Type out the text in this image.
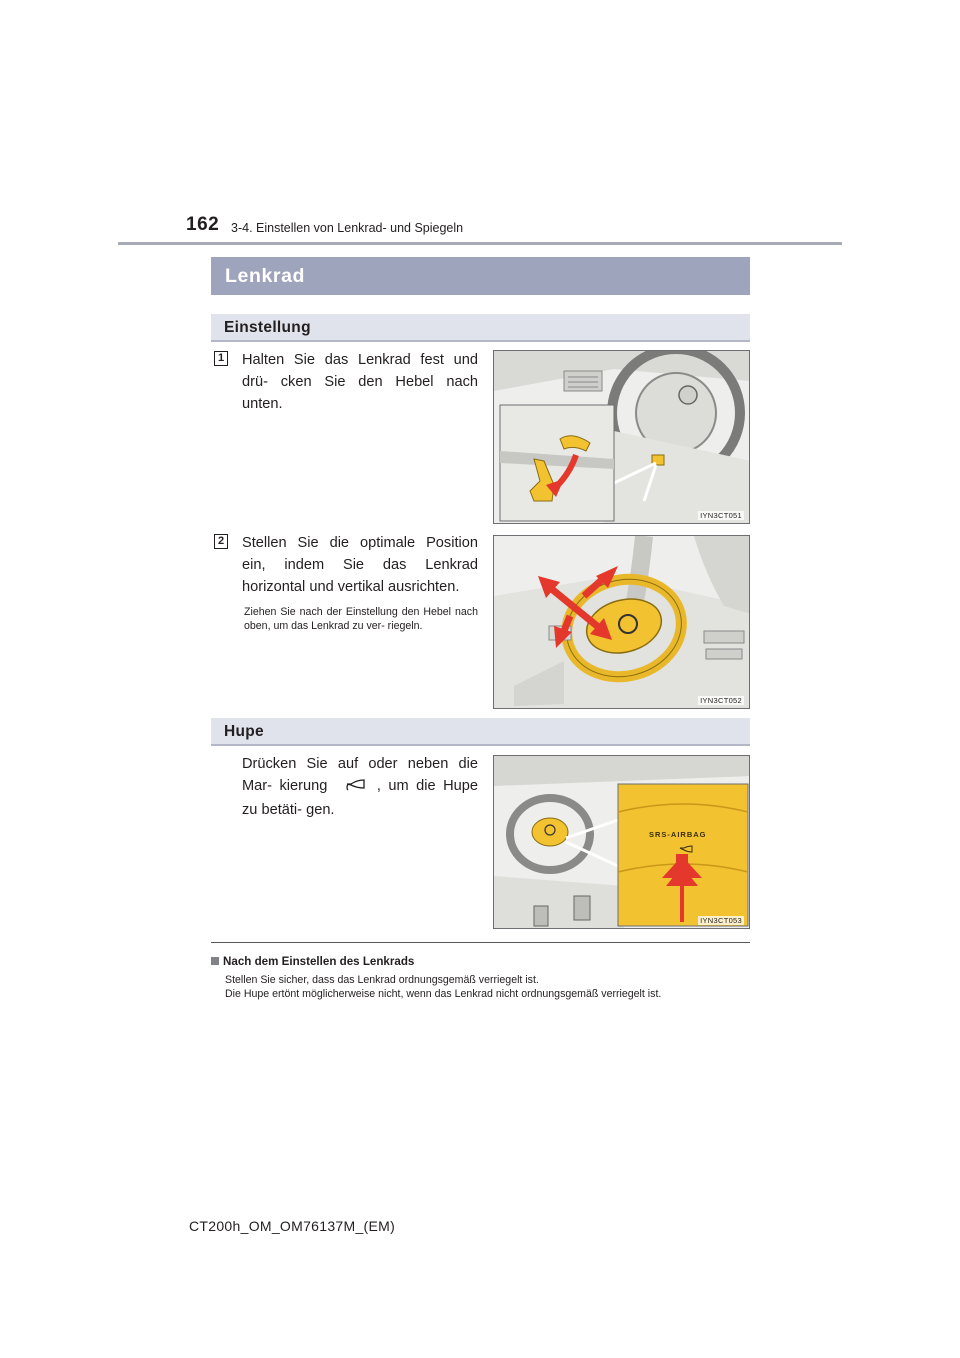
162 3-4. Einstellen von Lenkrad- und Spiegeln
Lenkrad
Einstellung
1 Halten Sie das Lenkrad fest und drü- cken Sie den Hebel nach unten.
IYN3CT051
2 Stellen Sie die optimale Position ein, indem Sie das Lenkrad horizontal und vertikal ausrichten.
Ziehen Sie nach der Einstellung den Hebel nach oben, um das Lenkrad zu ver- riegeln.
IYN3CT052
Hupe
Drücken Sie auf oder neben die Mar- kierung	, um die Hupe zu betäti- gen.
SRS-AIRBAG
IYN3CT053
Nach dem Einstellen des Lenkrads
Stellen Sie sicher, dass das Lenkrad ordnungsgemäß verriegelt ist.
Die Hupe ertönt möglicherweise nicht, wenn das Lenkrad nicht ordnungsgemäß verriegelt ist.
CT200h_OM_OM76137M_(EM)
